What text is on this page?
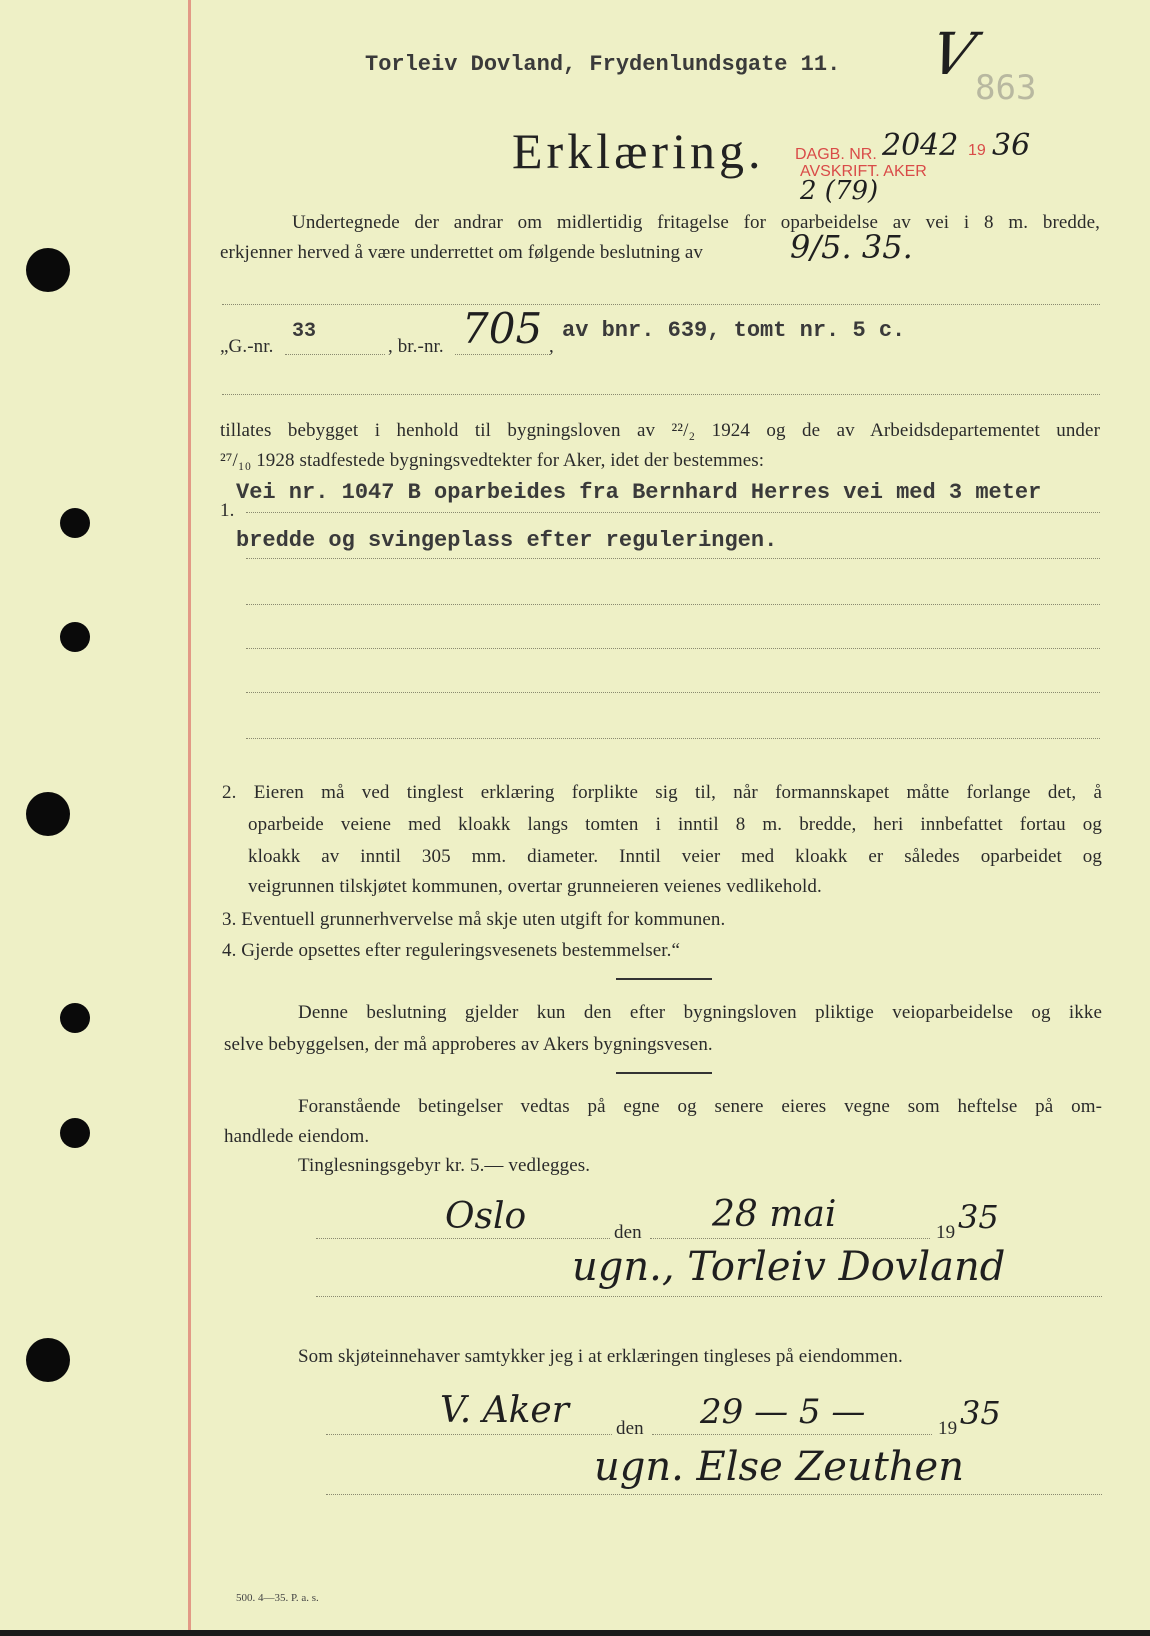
Torleiv Dovland, Frydenlundsgate 11. V
863
Erklæring. DAGB. NR. 2042 19 36
AVSKRIFT. AKER
2 (79)
Undertegnede der andrar om midlertidig fritagelse for oparbeidelse av vei i 8 m. bredde,
erkjenner herved å være underrettet om følgende beslutning av	9/5. 35.
„G.-nr.
33
, br.-nr. 705 ,
av bnr. 639, tomt nr. 5 c.
tillates bebygget i henhold til bygningsloven av ²²/₂ 1924 og de av Arbeidsdepartementet under
²⁷/₁₀ 1928 stadfestede bygningsvedtekter for Aker, idet der bestemmes:
1.
Vei nr. 1047 B oparbeides fra Bernhard Herres vei med 3 meter
bredde og svingeplass efter reguleringen.
2. Eieren må ved tinglest erklæring forplikte sig til, når formannskapet måtte forlange det, å
oparbeide veiene med kloakk langs tomten i inntil 8 m. bredde, heri innbefattet fortau og
kloakk av inntil 305 mm. diameter. Inntil veier med kloakk er således oparbeidet og
veigrunnen tilskjøtet kommunen, overtar grunneieren veienes vedlikehold.
3. Eventuell grunnerhvervelse må skje uten utgift for kommunen.
4. Gjerde opsettes efter reguleringsvesenets bestemmelser.“
Denne beslutning gjelder kun den efter bygningsloven pliktige veioparbeidelse og ikke
selve bebyggelsen, der må approberes av Akers bygningsvesen.
Foranstående betingelser vedtas på egne og senere eieres vegne som heftelse på om-
handlede eiendom.
Tinglesningsgebyr kr. 5.— vedlegges.
Oslo	den 28 mai	19 35
ugn., Torleiv Dovland
Som skjøteinnehaver samtykker jeg i at erklæringen tingleses på eiendommen.
V. Aker den 29 — 5 —	19 35
ugn. Else Zeuthen
500. 4—35. P. a. s.
